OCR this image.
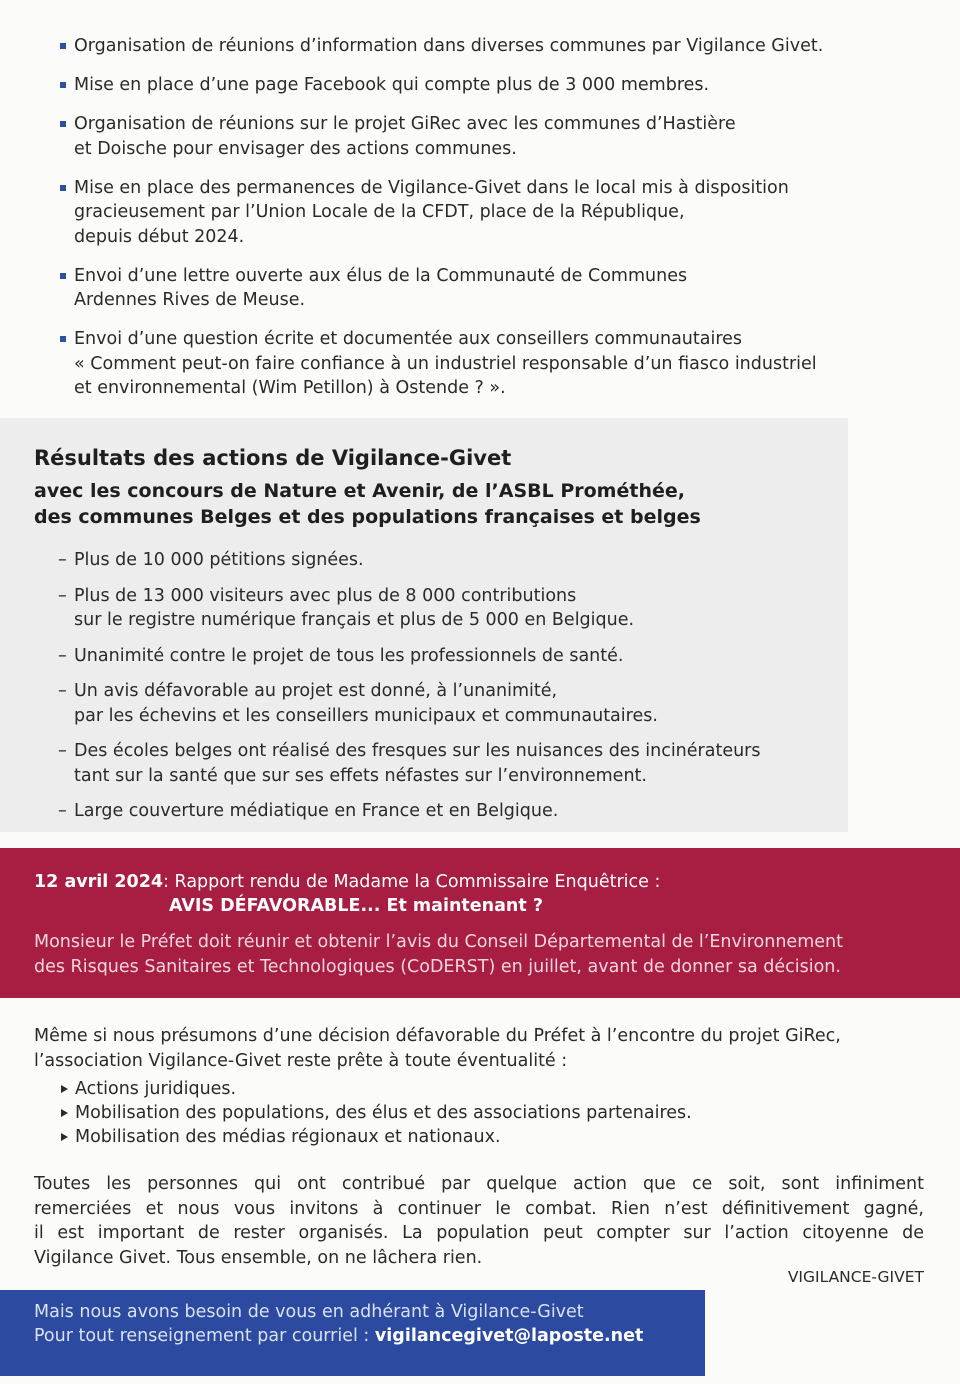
Organisation de réunions d’information dans diverses communes par Vigilance Givet.
Mise en place d’une page Facebook qui compte plus de 3 000 membres.
Organisation de réunions sur le projet GiRec avec les communes d’Hastière
et Doische pour envisager des actions communes.
Mise en place des permanences de Vigilance-Givet dans le local mis à disposition
gracieusement par l’Union Locale de la CFDT, place de la République,
depuis début 2024.
Envoi d’une lettre ouverte aux élus de la Communauté de Communes
Ardennes Rives de Meuse.
Envoi d’une question écrite et documentée aux conseillers communautaires
« Comment peut-on faire confiance à un industriel responsable d’un fiasco industriel
et environnemental (Wim Petillon) à Ostende ? ».
Résultats des actions de Vigilance-Givet
avec les concours de Nature et Avenir, de l’ASBL Prométhée,
des communes Belges et des populations françaises et belges
– Plus de 10 000 pétitions signées.
– Plus de 13 000 visiteurs avec plus de 8 000 contributions
sur le registre numérique français et plus de 5 000 en Belgique.
– Unanimité contre le projet de tous les professionnels de santé.
– Un avis défavorable au projet est donné, à l’unanimité,
par les échevins et les conseillers municipaux et communautaires.
– Des écoles belges ont réalisé des fresques sur les nuisances des incinérateurs
tant sur la santé que sur ses effets néfastes sur l’environnement.
– Large couverture médiatique en France et en Belgique.
12 avril 2024: Rapport rendu de Madame la Commissaire Enquêtrice :
AVIS DÉFAVORABLE... Et maintenant ?
Monsieur le Préfet doit réunir et obtenir l’avis du Conseil Départemental de l’Environnement
des Risques Sanitaires et Technologiques (CoDERST) en juillet, avant de donner sa décision.

Même si nous présumons d’une décision défavorable du Préfet à l’encontre du projet GiRec,
l’association Vigilance-Givet reste prête à toute éventualité :

Actions juridiques.
Mobilisation des populations, des élus et des associations partenaires.
Mobilisation des médias régionaux et nationaux.

Toutes les personnes qui ont contribué par quelque action que ce soit, sont infiniment
remerciées et nous vous invitons à continuer le combat. Rien n’est définitivement gagné,
il est important de rester organisés. La population peut compter sur l’action citoyenne de
Vigilance Givet. Tous ensemble, on ne lâchera rien.

VIGILANCE-GIVET
Mais nous avons besoin de vous en adhérant à Vigilance-Givet
Pour tout renseignement par courriel : vigilancegivet@laposte.net
